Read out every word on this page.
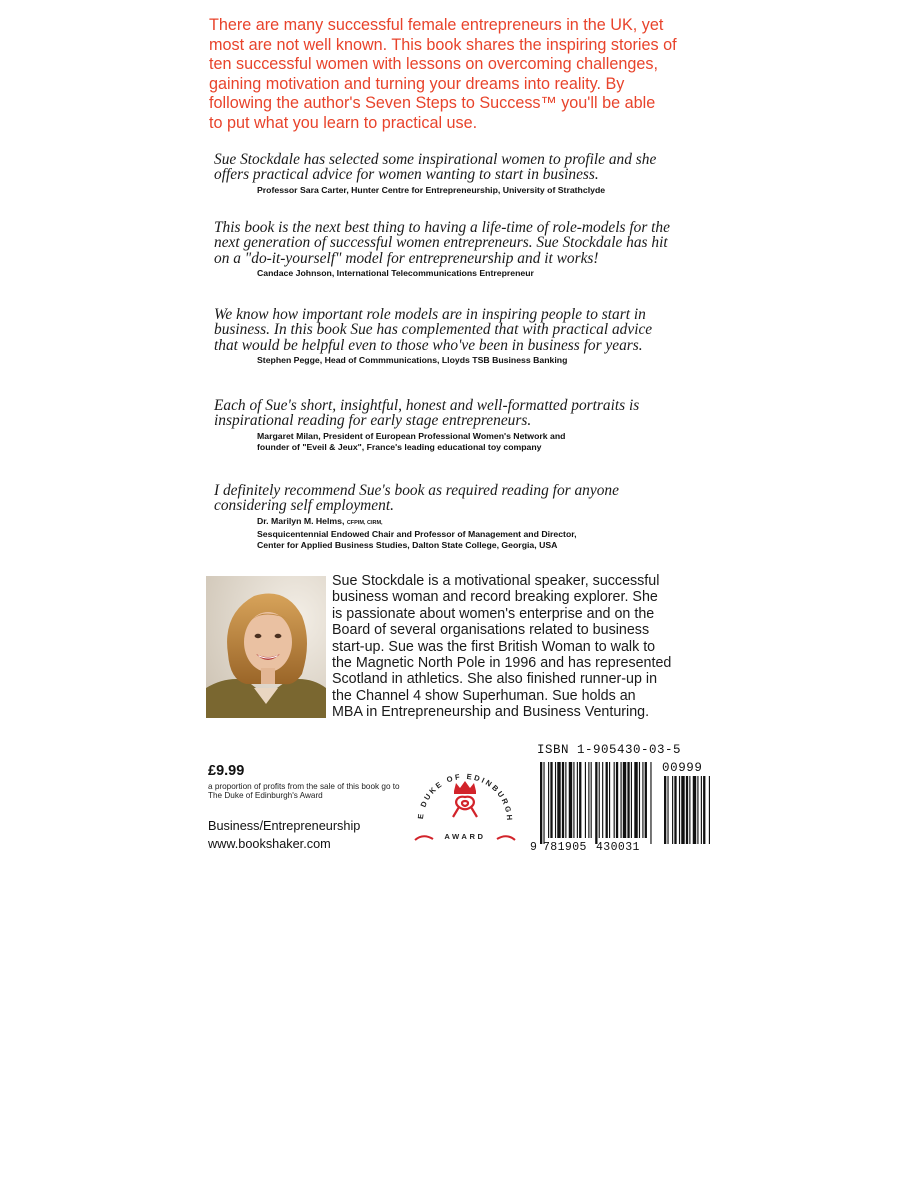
There are many successful female entrepreneurs in the UK, yet
most are not well known. This book shares the inspiring stories of
ten successful women with lessons on overcoming challenges,
gaining motivation and turning your dreams into reality. By
following the author's Seven Steps to Success™ you'll be able
to put what you learn to practical use.

Sue Stockdale has selected some inspirational women to profile and she

offers practical advice for women wanting to start in business.

Professor Sara Carter, Hunter Centre for Entrepreneurship, University of Strathclyde

This book is the next best thing to having a life-time of role-models for the

next generation of successful women entrepreneurs. Sue Stockdale has hit

on a "do-it-yourself" model for entrepreneurship and it works!

Candace Johnson, International Telecommunications Entrepreneur

We know how important role models are in inspiring people to start in

business. In this book Sue has complemented that with practical advice

that would be helpful even to those who've been in business for years.

Stephen Pegge, Head of Commmunications, Lloyds TSB Business Banking

Each of Sue's short, insightful, honest and well-formatted portraits is

inspirational reading for early stage entrepreneurs.

Margaret Milan, President of European Professional Women's Network and
founder of "Eveil & Jeux", France's leading educational toy company

I definitely recommend Sue's book as required reading for anyone

considering self employment.

Dr. Marilyn M. Helms, CFPIM, CIRM,
Sesquicentennial Endowed Chair and Professor of Management and Director,
Center for Applied Business Studies, Dalton State College, Georgia, USA
Sue Stockdale is a motivational speaker, successful
business woman and record breaking explorer. She
is passionate about women's enterprise and on the
Board of several organisations related to business
start-up. Sue was the first British Woman to walk to
the Magnetic North Pole in 1996 and has represented
Scotland in athletics. She also finished runner-up in
the Channel 4 show Superhuman. Sue holds an
MBA in Entrepreneurship and Business Venturing.
£9.99
a proportion of profits from the sale of this book go to The Duke of Edinburgh's Award
Business/Entrepreneurship
www.bookshaker.com
E DUKE OF EDINBURGH
AWARD
ISBN 1-905430-03-5
00999
9 781905 430031
